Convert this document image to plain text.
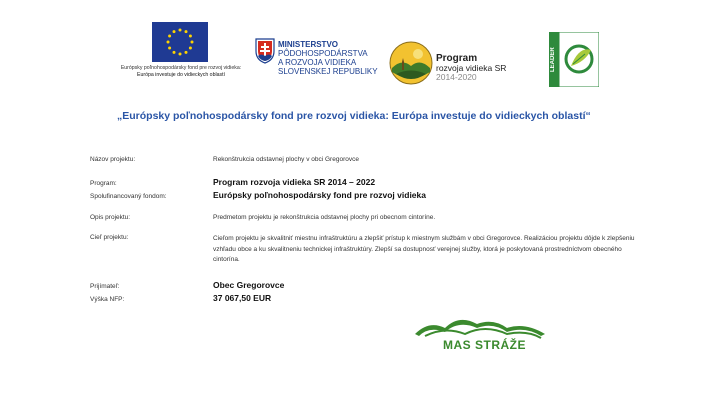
Európsky poľnohospodársky fond pre rozvoj vidieka:
Európa investuje do vidieckych oblastí
MINISTERSTVO
PÔDOHOSPODÁRSTVA
A ROZVOJA VIDIEKA
SLOVENSKEJ REPUBLIKY
Program
rozvoja vidieka SR
2014-2020
LEADER
„Európsky poľnohospodársky fond pre rozvoj vidieka: Európa investuje do vidieckych oblastí“
Názov projektu:	Rekonštrukcia odstavnej plochy v obci Gregorovce
Program:	Program rozvoja vidieka SR 2014 – 2022
Spolufinancovaný fondom:	Európsky poľnohospodársky fond pre rozvoj vidieka
Opis projektu:	Predmetom projektu je rekonštrukcia odstavnej plochy pri obecnom cintoríne.
Cieľ projektu:	Cieľom projektu je skvalitniť miestnu infraštruktúru a zlepšiť prístup k miestnym službám v obci Gregorovce. Realizáciou projektu dôjde k zlepšeniu vzhľadu obce a ku skvalitneniu technickej infraštruktúry. Zlepší sa dostupnosť verejnej služby, ktorá je poskytovaná prostredníctvom obecného cintorína.
Prijímateľ:	Obec Gregorovce
Výška NFP:	37 067,50 EUR
MAS STRÁŽE
